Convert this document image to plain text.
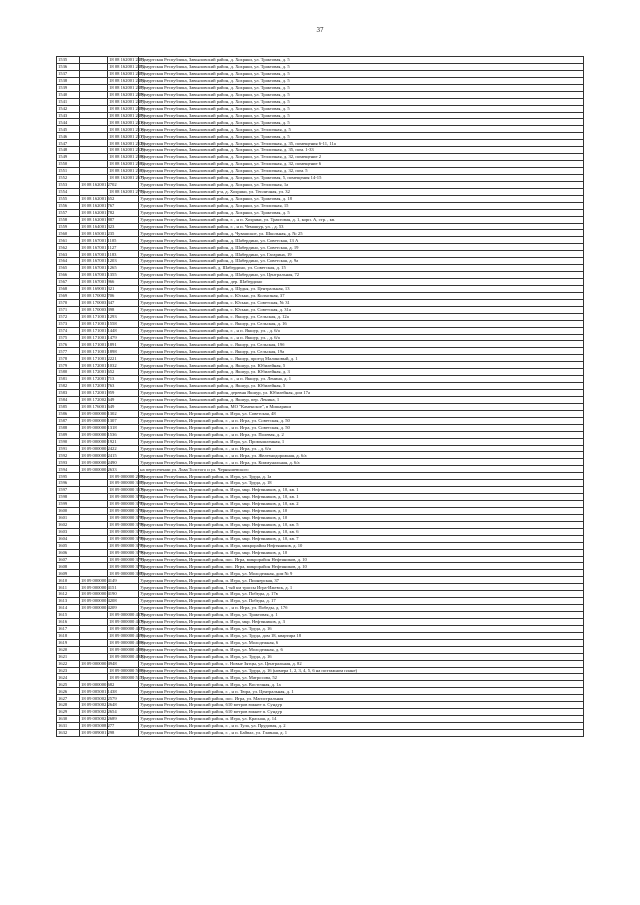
37
1535		18 08 162001 2401	Удмуртская Республика, Завьяловский район, д. Хохряки, ул. Трактовая, д. 5
1536		18 08 162001 2402	Удмуртская Республика, Завьяловский район, д. Хохряки, ул. Трактовая, д. 5
1537		18 08 162001 2403	Удмуртская Республика, Завьяловский район, д. Хохряки, ул. Трактовая, д. 5
1538		18 08 162001 2404	Удмуртская Республика, Завьяловский район, д. Хохряки, ул. Трактовая, д. 5
1539		18 08 162001 2405	Удмуртская Республика, Завьяловский район, д. Хохряки, ул. Трактовая, д. 5
1540		18 08 162001 2406	Удмуртская Республика, Завьяловский район, д. Хохряки, ул. Трактовая, д. 5
1541		18 08 162001 2407	Удмуртская Республика, Завьяловский район, д. Хохряки, ул. Трактовая, д. 5
1542		18 08 162001 2408	Удмуртская Республика, Завьяловский район, д. Хохряки, ул. Трактовая, д. 5
1543		18 08 162001 2409	Удмуртская Республика, Завьяловский район, д. Хохряки, ул. Трактовая, д. 5
1544		18 08 162001 2410	Удмуртская Республика, Завьяловский район, д. Хохряки, ул. Трактовая, д. 5
1545		18 08 162001 2516	Удмуртская Республика, Завьяловский район, д. Хохряки, ул. Тепличная, д. 5
1546		18 08 162001 2517	Удмуртская Республика, Завьяловский район, д. Хохряки, ул. Трактовая, д. 5
1547		18 08 162001 2528	Удмуртская Республика, Завьяловский район, д. Хохряки, ул. Тепличная, д. 35, помещения 6-11, 11а
1548		18 08 162001 2529	Удмуртская Республика, Завьяловский район, д. Хохряки, ул. Тепличная, д. 35, пом. 1-33
1549		18 08 162001 2560	Удмуртская Республика, Завьяловский район, д. Хохряки, ул. Тепличная, д. 32, помещение 2
1550		18 08 162001 2562	Удмуртская Республика, Завьяловский район, д. Хохряки, ул. Тепличная, д. 32, помещение 6
1551		18 08 162001 2563	Удмуртская Республика, Завьяловский район, д. Хохряки, ул. Тепличная, д. 32, пом. 5
1552		18 08 162001 2671	Удмуртская Республика, Завьяловский район, д. Хохряки, ул. Трактовая, 5, помещения 14-15
1553	18 08 162001 2702		Удмуртская Республика, Завьяловский район, д. Хохряки, ул. Тепличная, 1а
1554		18 08 162001 2704	Удмуртская Республика, Завьяловский р-н, д. Хохряки, ул. Тепличная, ул. 32
1555	18 08 162001 652		Удмуртская Республика, Завьяловский район, д. Хохряки, ул. Трактовая, д. 18
1556	18 08 162001 767		Удмуртская Республика, Завьяловский район, д. Хохряки, ул. Тепличная, 15
1557	18 08 162001 782		Удмуртская Республика, Завьяловский район, д. Хохряки, ул. Трактовая, д. 5
1558	18 08 162001 887		Удмуртская Республика, Завьяловский район, г. , н п. Хохряки, ул. Трактовая, д. 1, корп. А, стр. , кв.
1559	18 08 164001 323		Удмуртская Республика, Завьяловский район, г. , н п. Чемашур, ул. , д. 53
1560	18 08 165001 235		Удмуртская Республика, Завьяловский район, д. Чувашское, ул. Школьная, д. № 25
1561	18 08 167001 1105		Удмуртская Республика, Завьяловский район, д. Шабердино, ул. Советская, 13 А
1562	18 08 167001 1127		Удмуртская Республика, Завьяловский район, д. Шабердино, ул. Советская, д. 19
1563	18 08 167001 1183		Удмуртская Республика, Завьяловский район, д. Шабердино, ул. Гагарина, 19
1564	18 08 167001 1203		Удмуртская Республика, Завьяловский район, д. Шабердино, ул. Советская, д. 9а
1565	18 08 167001 1265		Удмуртская Республика, Завьяловский, д. Шабердино, ул. Советская, д. 15
1566	18 08 167001 1355		Удмуртская Республика, Завьяловский район, д. Шабердино, ул. Центральная, 72
1567	18 08 167001 966		Удмуртская Республика, Завьяловский район, дер. Шабердино
1568	18 08 169001 321		Удмуртская Республика, Завьяловский район, д. Шудья, ул. Центральная, 13
1569	18 08 170002 706		Удмуртская Республика, Завьяловский район, с. Юськи, ул. Колхозная, 37
1570	18 08 170003 347		Удмуртская Республика, Завьяловский район, с. Юськи, ул. Советская, № 31
1571	18 08 170003 398		Удмуртская Республика, Завьяловский район, с. Юськи, ул. Советская, д. 31а
1572	18 08 171001 1293		Удмуртская Республика, Завьяловский район, с. Якшур, ул. Сельская, д. 12а
1573	18 08 171001 1558		Удмуртская Республика, Завьяловский район, с. Якшур, ул. Сельская, д. 16
1574	18 08 171001 1448		Удмуртская Республика, Завьяловский район, г. , н п. Якшур, ул. , д. 6/а
1575	18 08 171001 1479		Удмуртская Республика, Завьяловский район, г. , н п. Якшур, ул. , д. 6/а
1576	18 08 171001 1891		Удмуртская Республика, Завьяловский район, с. Якшур, ул. Сельская, 19б
1577	18 08 171001 1898		Удмуртская Республика, Завьяловский район, с. Якшур, ул. Сельская, 19а
1578	18 08 171001 2221		Удмуртская Республика, Завьяловский район, с. Якшур, проезд Малиновый, д. 1
1579	18 08 172001 1032		Удмуртская Республика, Завьяловский район, д. Якшур, ул. Юбилейная, 5
1580	18 08 172001 652		Удмуртская Республика, Завьяловский район, д. Якшур, ул. Юбилейная, д. 3
1581	18 08 172001 713		Удмуртская Республика, Завьяловский район, г. , н п. Якшур, ул. Ленина, д. 1
1582	18 08 172001 763		Удмуртская Республика, Завьяловский район, д. Якшур, ул. Юбилейная, 5
1583	18 08 172001 959		Удмуртская Республика, Завьяловский район, деревня Якшур, ул. Юбилейная, дом 17а
1584	18 08 172002 649		Удмуртская Республика, Завьяловский район, д. Якшур, пер. Ленина, 1
1585	18 08 176001 649		Удмуртская Республика, Завьяловский район, МО "Каменское", в Мишарики
1586	18 09 000000 1302		Удмуртская Республика, Игринский район, п. Игра, ул. Советская, 48
1587	18 09 000000 1307		Удмуртская Республика, Игринский район, г. , н п. Игра, ул. Советская, д. 50
1588	18 09 000000 1318		Удмуртская Республика, Игринский район, г. , н п. Игра, ул. Советская, д. 50
1589	18 09 000000 1536		Удмуртская Республика, Игринский район, г. , н п. Игра, ул. Полевая, д. 2
1590	18 09 000000 1921		Удмуртская Республика, Игринский район, п. Игра, ул. Промышленная, 1
1591	18 09 000000 2422		Удмуртская Республика, Игринский район, г. , н п. Игра, ул. , д. 6/а
1592	18 09 000000 2415		Удмуртская Республика, Игринский район, г. , н п. Игра, ул. Железнодорожная, д. 6/а
1593	18 09 000000 2490		Удмуртская Республика, Игринский район, г. , н п. Игра, ул. Коммунальная, д. 6/а
1594	18 09 000000 2633		на пересечении ул. Льва Толстого и ул. Чернышевского
1595		18 09 000000 2900	Удмуртская Республика, Игринский район, п. Игра, ул. Труда, д. 1а
1596		18 09 000000 3205	Удмуртская Республика, Игринский район, п. Игра, ул. Труда, д. 18
1597		18 09 000000 3576	Удмуртская Республика, Игринский район, п. Игра, мкр. Нефтяников, д. 10, кв. 1
1598		18 09 000000 3782	Удмуртская Республика, Игринский район, п. Игра, мкр. Нефтяников, д. 10, кв. 1
1599		18 09 000000 3783	Удмуртская Республика, Игринский район, п. Игра, мкр. Нефтяников, д. 10, кв. 2
1600		18 09 000000 3784	Удмуртская Республика, Игринский район, п. Игра, мкр. Нефтяников, д. 10
1601		18 09 000000 3785	Удмуртская Республика, Игринский район, п. Игра, мкр. Нефтяников, д. 10
1602		18 09 000000 3786	Удмуртская Республика, Игринский район, п. Игра, мкр. Нефтяников, д. 10, кв. 5
1603		18 09 000000 3787	Удмуртская Республика, Игринский район, п. Игра, мкр. Нефтяников, д. 10, кв. 6
1604		18 09 000000 3788	Удмуртская Республика, Игринский район, п. Игра, мкр. Нефтяников, д. 10, кв. 7
1605		18 09 000000 3789	Удмуртская Республика, Игринский район, п. Игра, микрорайон Нефтяников, д. 10
1606		18 09 000000 3790	Удмуртская Республика, Игринский район, п. Игра, мкр. Нефтяников, д. 10
1607		18 09 000000 3791	Удмуртская Республика, Игринский район, пос. Игра, микрорайон Нефтяников, д. 10
1608		18 09 000000 3792	Удмуртская Республика, Игринский район, пос. Игра, микрорайон Нефтяников, д. 10
1609		18 09 000000 3983	Удмуртская Республика, Игринский район, п. Игра, ул. Молодежная, дом № 9
1610	18 09 000000 4149		Удмуртская Республика, Игринский район, п. Игра, ул. Пионерская, 37
1611	18 09 000000 4151		Удмуртская Республика, Игринский район, 1-ый км трассы Игра-Ижевск, д. 1
1612	18 09 000000 4190		Удмуртская Республика, Игринский район, п. Игра, ул. Победы, д. 17в
1613	18 09 000000 4208		Удмуртская Республика, Игринский район, п. Игра, ул. Победы, д. 17
1614	18 09 000000 4209		Удмуртская Республика, Игринский район, г. , н п. Игра, ул. Победы, д. 17б
1615		18 09 000000 4376	Удмуртская Республика, Игринский район, п. Игра, ул. Трактовая, д. 1
1616		18 09 000000 4376	Удмуртская Республика, Игринский район, п. Игра, мкр. Нефтяников, д. 3
1617		18 09 000000 4377	Удмуртская Республика, Игринский район, п. Игра, ул. Труда, д. 16
1618		18 09 000000 4398	Удмуртская Республика, Игринский район, п. Игра, ул. Труда, дом 18, квартира 18
1619		18 09 000000 4866	Удмуртская Республика, Игринский район, п. Игра, ул. Молодежная, 6
1620		18 09 000000 4869	Удмуртская Республика, Игринский район, п. Игра, ул. Молодежная, д. 6
1621		18 09 000000 4940	Удмуртская Республика, Игринский район, п. Игра, ул. Труда, д. 16
1622	18 09 000000 4948		Удмуртская Республика, Игринский район, с. Новые Зятцы, ул. Центральная, д. 82
1623		18 09 000000 5069	Удмуртская Республика, Игринский район, п. Игра, ул. Труда, д. 16 (номера 1, 2, 3, 4, 5, 6 на поэтажном плане)
1624		18 09 000000 5151	Удмуртская Республика, Игринский район, п. Игра, ул. Матросова, 52
1625	18 09 000000 682		Удмуртская Республика, Игринский район, п. Игра, ул. Восточная, д. 1а
1626	18 09 005001 1438		Удмуртская Республика, Игринский район, г. , н п. Тюра, ул. Центральная, д. 1
1627	18 09 005002 2579		Удмуртская Республика, Игринский район, пос. Игра, ул. Магистральная
1628	18 09 005002 2648		Удмуртская Республика, Игринский район, 610 метров южнее п. Сундур
1629	18 09 005002 2654		Удмуртская Республика, Игринский район, 610 метров южнее п. Сундур
1630	18 09 005002 2689		Удмуртская Республика, Игринский район, п. Игра, ул. Красная, д. 14
1631	18 09 005008 277		Удмуртская Республика, Игринский район, г. , н п. Тула, ул. Прудовая, д. 2
1632	18 09 009001 298		Удмуртская Республика, Игринский район, г. , н п. Байвал, ул. Главная, д. 1
